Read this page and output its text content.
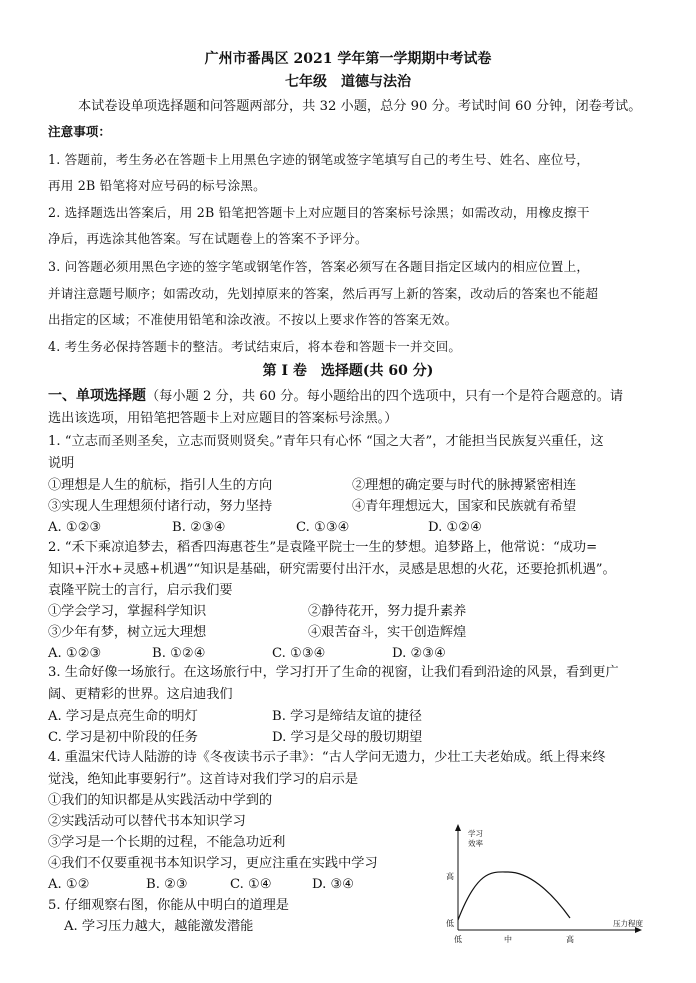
广州市番禺区 2021 学年第一学期期中考试卷
七年级　道德与法治
本试卷设单项选择题和问答题两部分，共 32 小题，总分 90 分。考试时间 60 分钟，闭卷考试。
注意事项：
1. 答题前，考生务必在答题卡上用黑色字迹的钢笔或签字笔填写自己的考生号、姓名、座位号，
再用 2B 铅笔将对应号码的标号涂黑。
2. 选择题选出答案后，用 2B 铅笔把答题卡上对应题目的答案标号涂黑；如需改动，用橡皮擦干
净后，再选涂其他答案。写在试题卷上的答案不予评分。
3. 问答题必须用黑色字迹的签字笔或钢笔作答，答案必须写在各题目指定区域内的相应位置上，
并请注意题号顺序；如需改动，先划掉原来的答案，然后再写上新的答案，改动后的答案也不能超
出指定的区域；不准使用铅笔和涂改液。不按以上要求作答的答案无效。
4. 考生务必保持答题卡的整洁。考试结束后，将本卷和答题卡一并交回。
第 I 卷　选择题(共 60 分)
一、单项选择题（每小题 2 分，共 60 分。每小题给出的四个选项中，只有一个是符合题意的。请
选出该选项，用铅笔把答题卡上对应题目的答案标号涂黑。）
1. “立志而圣则圣矣，立志而贤则贤矣。”青年只有心怀 “国之大者”，才能担当民族复兴重任，这
说明
①理想是人生的航标，指引人生的方向	②理想的确定要与时代的脉搏紧密相连
③实现人生理想须付诸行动，努力坚持	④青年理想远大，国家和民族就有希望
A. ①②③	B. ②③④	C. ①③④	D. ①②④
2. “禾下乘凉追梦去，稻香四海惠苍生”是袁隆平院士一生的梦想。追梦路上，他常说：“成功=
知识+汗水+灵感+机遇”“知识是基础，研究需要付出汗水，灵感是思想的火花，还要抢抓机遇”。
袁隆平院士的言行，启示我们要
①学会学习，掌握科学知识	②静待花开，努力提升素养
③少年有梦，树立远大理想	④艰苦奋斗，实干创造辉煌
A. ①②③	B. ①②④	C. ①③④	D. ②③④
3. 生命好像一场旅行。在这场旅行中，学习打开了生命的视窗，让我们看到沿途的风景，看到更广
阔、更精彩的世界。这启迪我们
A. 学习是点亮生命的明灯	B. 学习是缔结友谊的捷径
C. 学习是初中阶段的任务	D. 学习是父母的殷切期望
4. 重温宋代诗人陆游的诗《冬夜读书示子聿》：“古人学问无遗力，少壮工夫老始成。纸上得来终
觉浅，绝知此事要躬行”。这首诗对我们学习的启示是
①我们的知识都是从实践活动中学到的
②实践活动可以替代书本知识学习
③学习是一个长期的过程，不能急功近利
④我们不仅要重视书本知识学习，更应注重在实践中学习
A. ①②	B. ②③	C. ①④	D. ③④
5. 仔细观察右图，你能从中明白的道理是
A. 学习压力越大，越能激发潜能
学习
效率
低
高
低	中	高
压力程度
